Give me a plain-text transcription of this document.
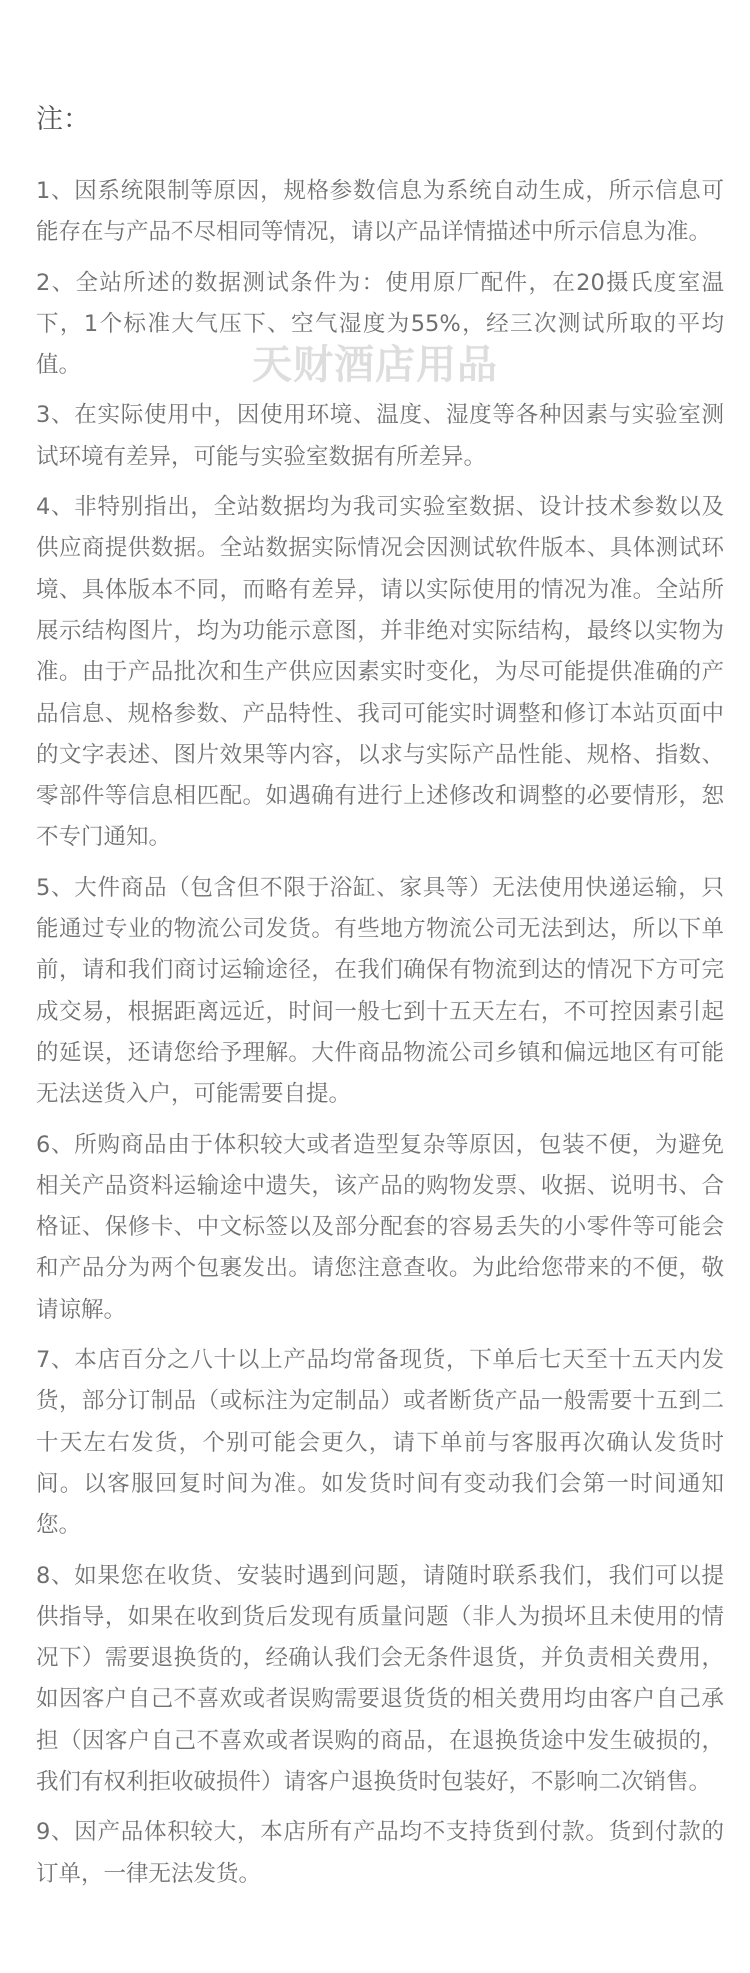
注：
1、因系统限制等原因，规格参数信息为系统自动生成，所示信息可能存在与产品不尽相同等情况，请以产品详情描述中所示信息为准。
2、全站所述的数据测试条件为：使用原厂配件，在20摄氏度室温下，1个标准大气压下、空气湿度为55%，经三次测试所取的平均值。
3、在实际使用中，因使用环境、温度、湿度等各种因素与实验室测试环境有差异，可能与实验室数据有所差异。
4、非特别指出，全站数据均为我司实验室数据、设计技术参数以及供应商提供数据。全站数据实际情况会因测试软件版本、具体测试环境、具体版本不同，而略有差异，请以实际使用的情况为准。全站所展示结构图片，均为功能示意图，并非绝对实际结构，最终以实物为准。由于产品批次和生产供应因素实时变化，为尽可能提供准确的产品信息、规格参数、产品特性、我司可能实时调整和修订本站页面中的文字表述、图片效果等内容，以求与实际产品性能、规格、指数、零部件等信息相匹配。如遇确有进行上述修改和调整的必要情形，恕不专门通知。
5、大件商品（包含但不限于浴缸、家具等）无法使用快递运输，只能通过专业的物流公司发货。有些地方物流公司无法到达，所以下单前，请和我们商讨运输途径，在我们确保有物流到达的情况下方可完成交易，根据距离远近，时间一般七到十五天左右，不可控因素引起的延误，还请您给予理解。大件商品物流公司乡镇和偏远地区有可能无法送货入户，可能需要自提。
6、所购商品由于体积较大或者造型复杂等原因，包装不便，为避免相关产品资料运输途中遗失，该产品的购物发票、收据、说明书、合格证、保修卡、中文标签以及部分配套的容易丢失的小零件等可能会和产品分为两个包裹发出。请您注意查收。为此给您带来的不便，敬请谅解。
7、本店百分之八十以上产品均常备现货，下单后七天至十五天内发货，部分订制品（或标注为定制品）或者断货产品一般需要十五到二十天左右发货，个别可能会更久，请下单前与客服再次确认发货时间。以客服回复时间为准。如发货时间有变动我们会第一时间通知您。
8、如果您在收货、安装时遇到问题，请随时联系我们，我们可以提供指导，如果在收到货后发现有质量问题（非人为损坏且未使用的情况下）需要退换货的，经确认我们会无条件退货，并负责相关费用，如因客户自己不喜欢或者误购需要退货货的相关费用均由客户自己承担（因客户自己不喜欢或者误购的商品，在退换货途中发生破损的，我们有权利拒收破损件）请客户退换货时包装好，不影响二次销售。
9、因产品体积较大，本店所有产品均不支持货到付款。货到付款的订单，一律无法发货。
天财酒店用品
